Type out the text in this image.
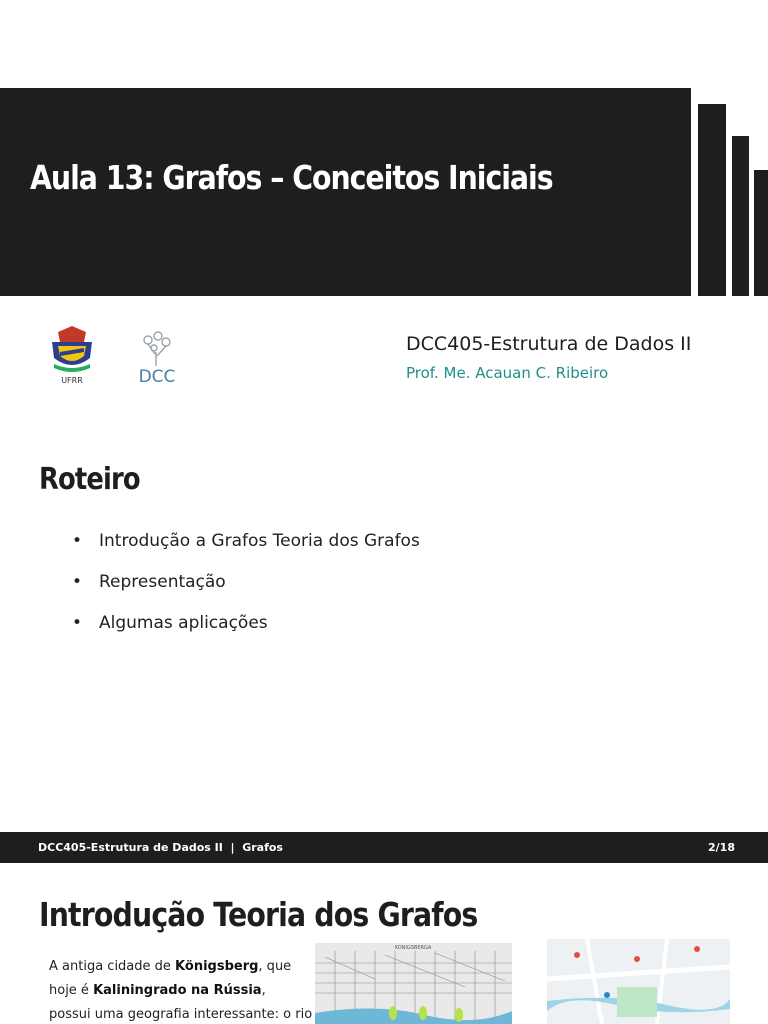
Aula 13: Grafos – Conceitos Iniciais
UFRR	DCC
DCC405-Estrutura de Dados II
Prof. Me. Acauan C. Ribeiro
Roteiro
• Introdução a Grafos Teoria dos Grafos
• Representação
• Algumas aplicações
DCC405-Estrutura de Dados II  |  Grafos	2/18
Introdução Teoria dos Grafos

A antiga cidade de Königsberg, que

hoje é Kaliningrado na Rússia,

possui uma geografia interessante: o rio

KONIGSBERGA
